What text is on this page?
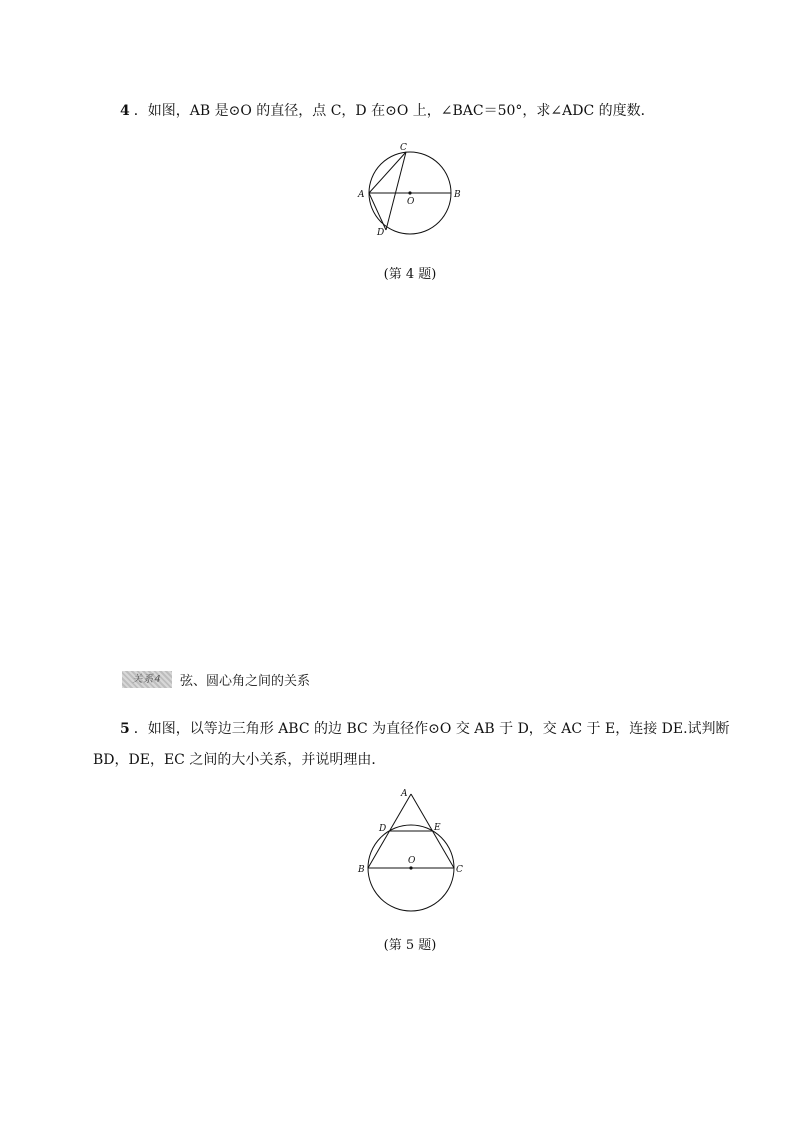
4 ．如图，AB 是⊙O 的直径，点 C，D 在⊙O 上，∠BAC＝50°，求∠ADC 的度数．
A	B
C
D
O
(第 4 题)
关系4	弦、圆心角之间的关系
5 ．如图，以等边三角形 ABC 的边 BC 为直径作⊙O 交 AB 于 D，交 AC 于 E，连接 DE.试判断
BD，DE，EC 之间的大小关系，并说明理由．
A
D	E
B	C
O
(第 5 题)
